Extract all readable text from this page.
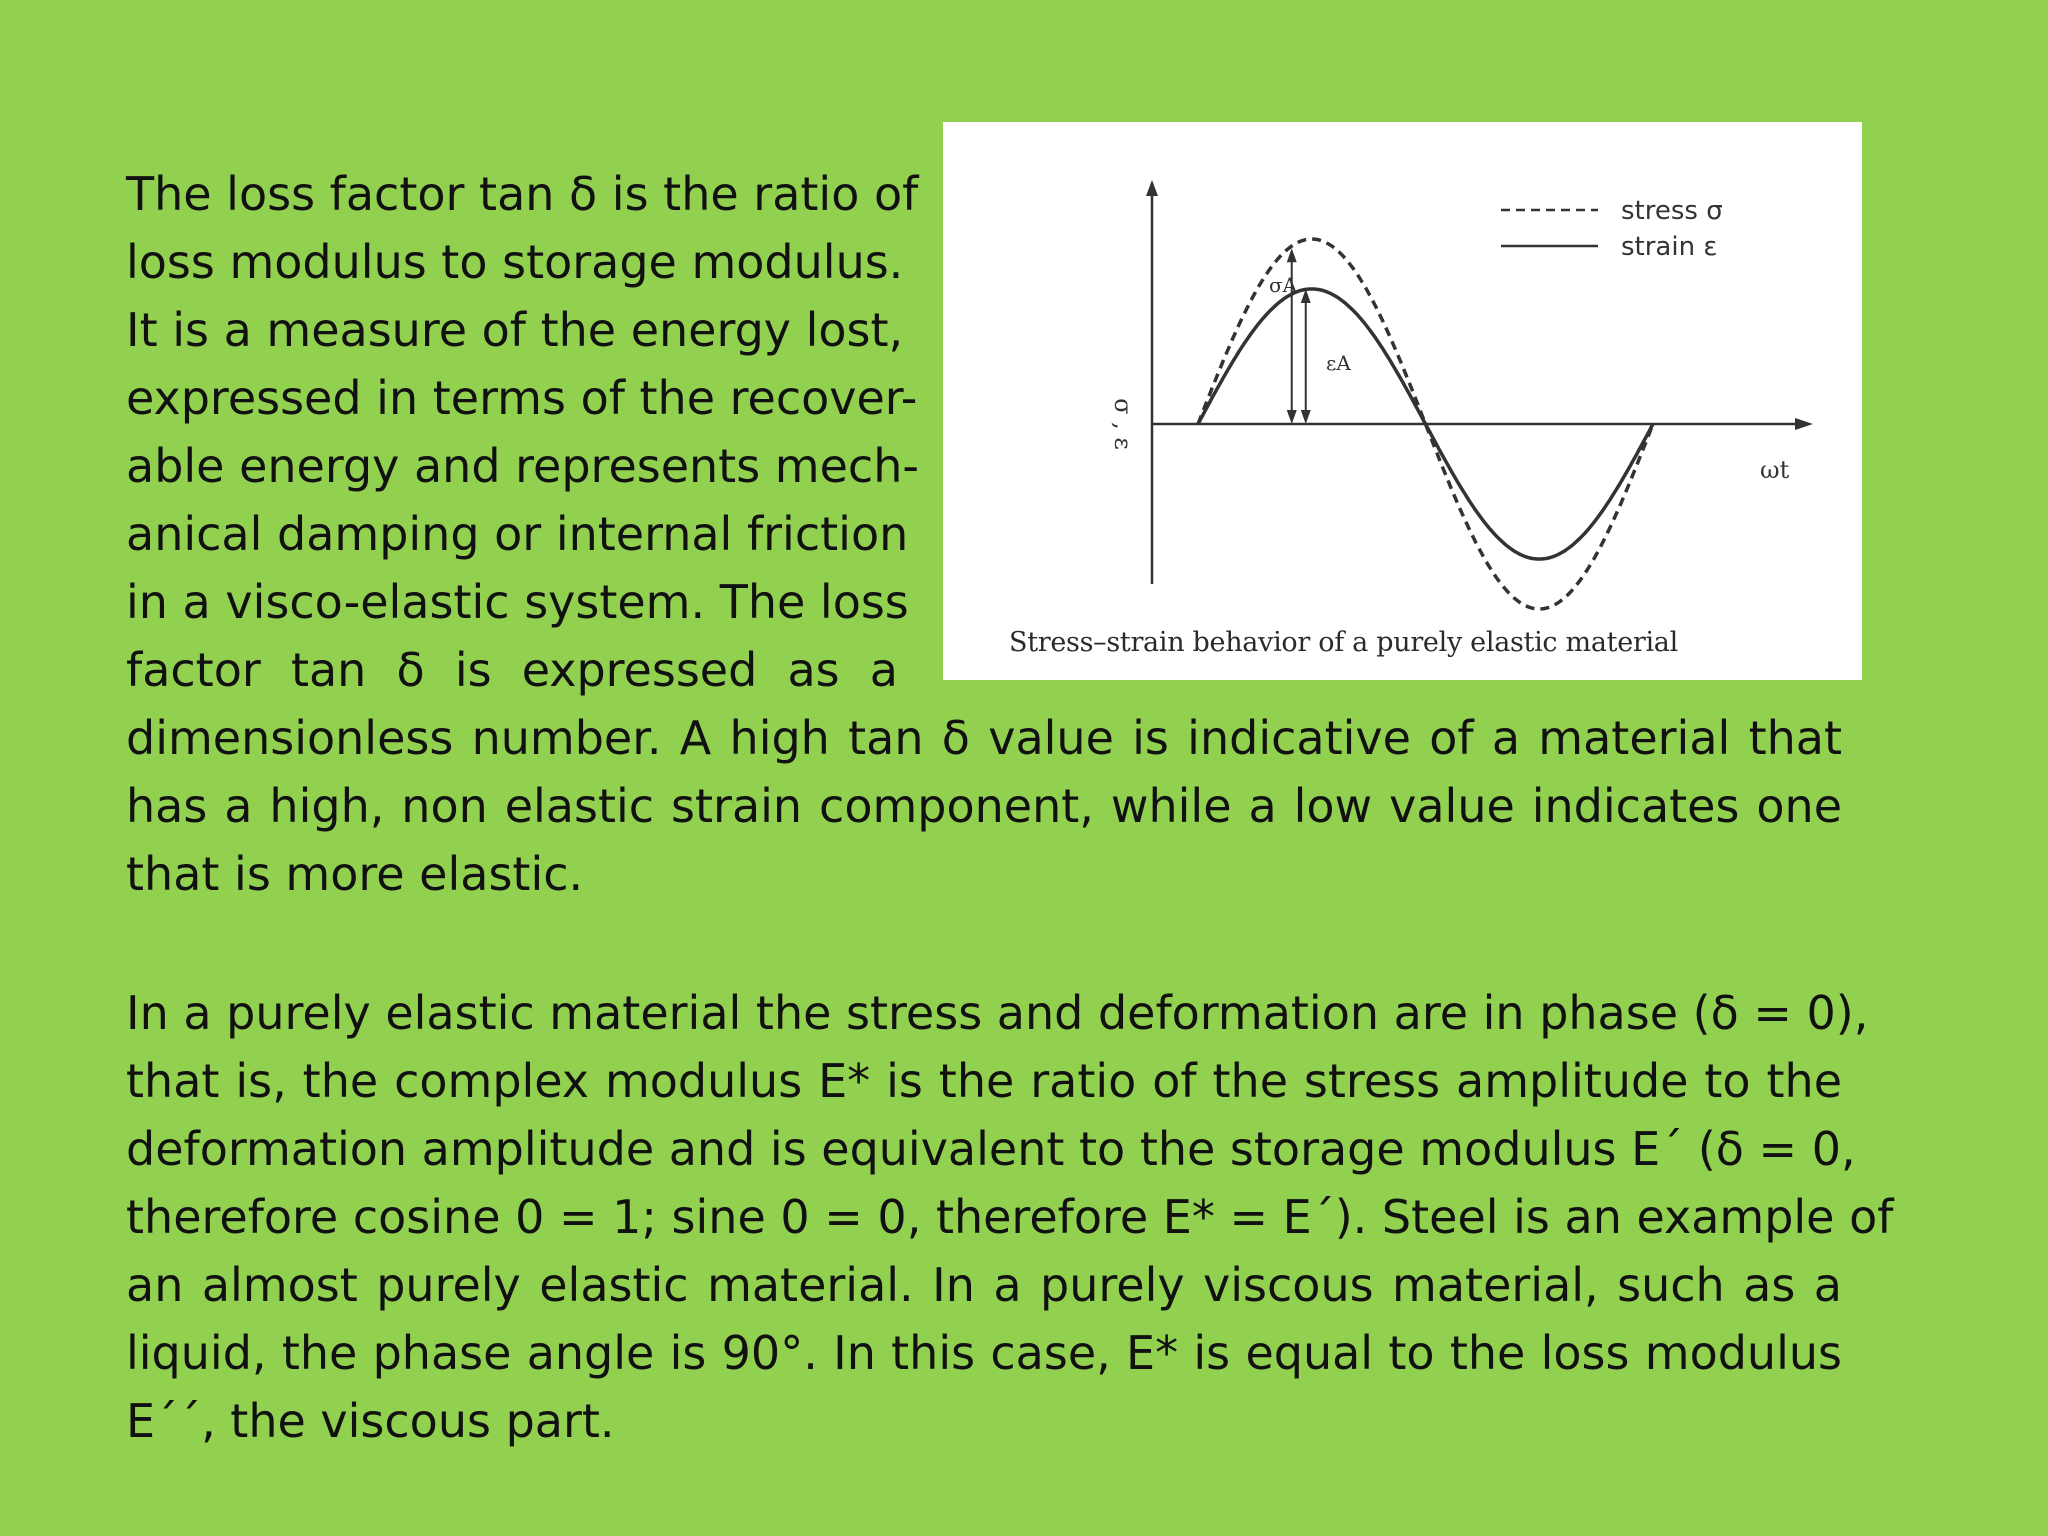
σA
εA
σ , ε
ωt
stress σ
strain ε
Stress–strain behavior of a purely elastic material
The loss factor tan δ is the ratio of
loss modulus to storage modulus.
It is a measure of the energy lost,
expressed in terms of the recover-
able energy and represents mech-
anical damping or internal friction
in a visco-elastic system. The loss
factor tan δ is expressed as a
dimensionless number. A high tan δ value is indicative of a material that
has a high, non elastic strain component, while a low value indicates one
that is more elastic.
In a purely elastic material the stress and deformation are in phase (δ = 0),
that is, the complex modulus E* is the ratio of the stress amplitude to the
deformation amplitude and is equivalent to the storage modulus E´ (δ = 0,
therefore cosine 0 = 1; sine 0 = 0, therefore E* = E´). Steel is an example of
an almost purely elastic material. In a purely viscous material, such as a
liquid, the phase angle is 90°. In this case, E* is equal to the loss modulus
E´´, the viscous part.
